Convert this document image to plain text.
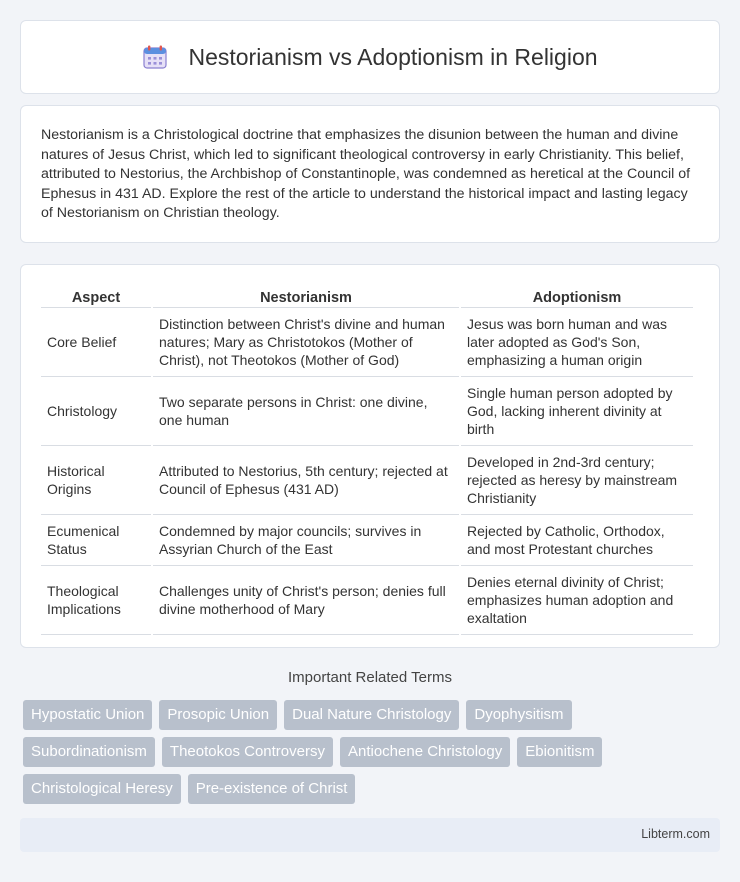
Nestorianism vs Adoptionism in Religion

Nestorianism is a Christological doctrine that emphasizes the disunion between the human and divine natures of Jesus Christ, which led to significant theological controversy in early Christianity. This belief, attributed to Nestorius, the Archbishop of Constantinople, was condemned as heretical at the Council of Ephesus in 431 AD. Explore the rest of the article to understand the historical impact and lasting legacy of Nestorianism on Christian theology.

Aspect	Nestorianism	Adoptionism
Core Belief	Distinction between Christ's divine and human natures; Mary as Christotokos (Mother of Christ), not Theotokos (Mother of God)	Jesus was born human and was later adopted as God's Son, emphasizing a human origin
Christology	Two separate persons in Christ: one divine, one human	Single human person adopted by God, lacking inherent divinity at birth
Historical Origins	Attributed to Nestorius, 5th century; rejected at Council of Ephesus (431 AD)	Developed in 2nd-3rd century; rejected as heresy by mainstream Christianity
Ecumenical Status	Condemned by major councils; survives in Assyrian Church of the East	Rejected by Catholic, Orthodox, and most Protestant churches
Theological Implications	Challenges unity of Christ's person; denies full divine motherhood of Mary	Denies eternal divinity of Christ; emphasizes human adoption and exaltation
Important Related Terms
Hypostatic Union	Prosopic Union	Dual Nature Christology	Dyophysitism
Subordinationism	Theotokos Controversy	Antiochene Christology	Ebionitism
Christological Heresy	Pre-existence of Christ
Libterm.com
